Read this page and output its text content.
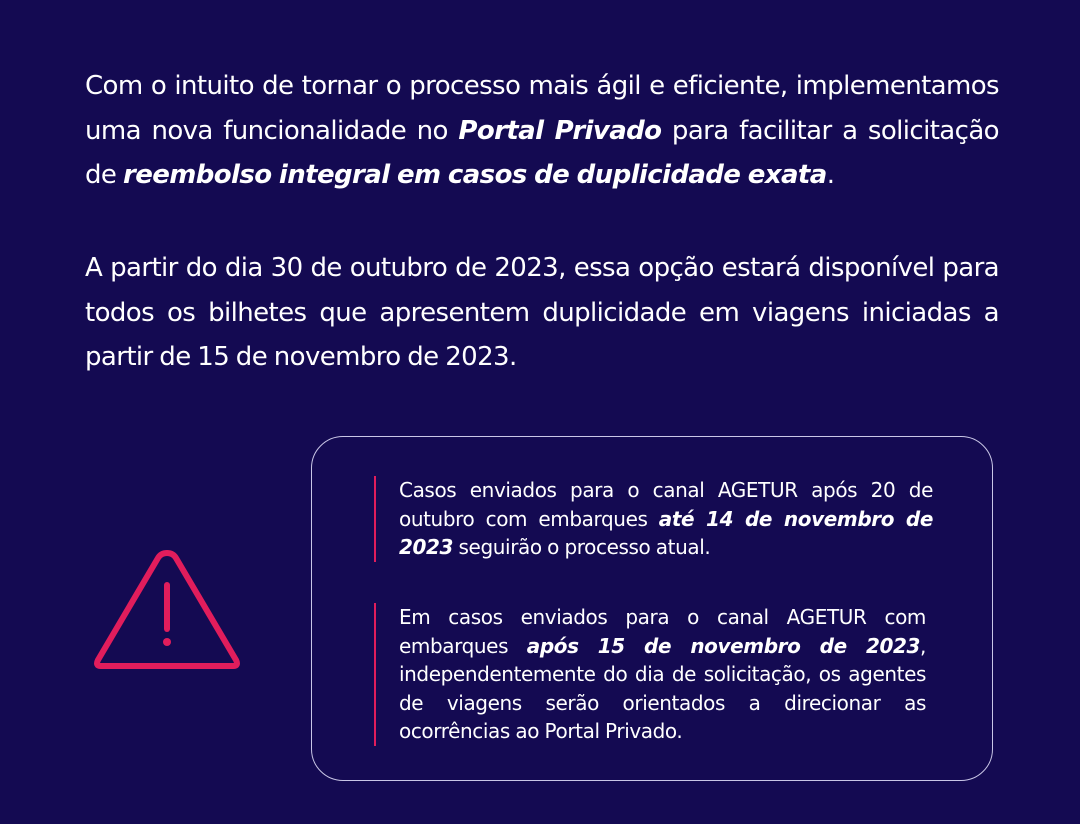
Com o intuito de tornar o processo mais ágil e eficiente, implementamos uma nova funcionalidade no Portal Privado para facilitar a solicitação de reembolso integral em casos de duplicidade exata.

A partir do dia 30 de outubro de 2023, essa opção estará disponível para todos os bilhetes que apresentem duplicidade em viagens iniciadas a partir de 15 de novembro de 2023.

Casos enviados para o canal AGETUR após 20 de outubro com embarques até 14 de novembro de 2023 seguirão o processo atual.

Em casos enviados para o canal AGETUR com embarques após 15 de novembro de 2023, independentemente do dia de solicitação, os agentes de viagens serão orientados a direcionar as ocorrências ao Portal Privado.
